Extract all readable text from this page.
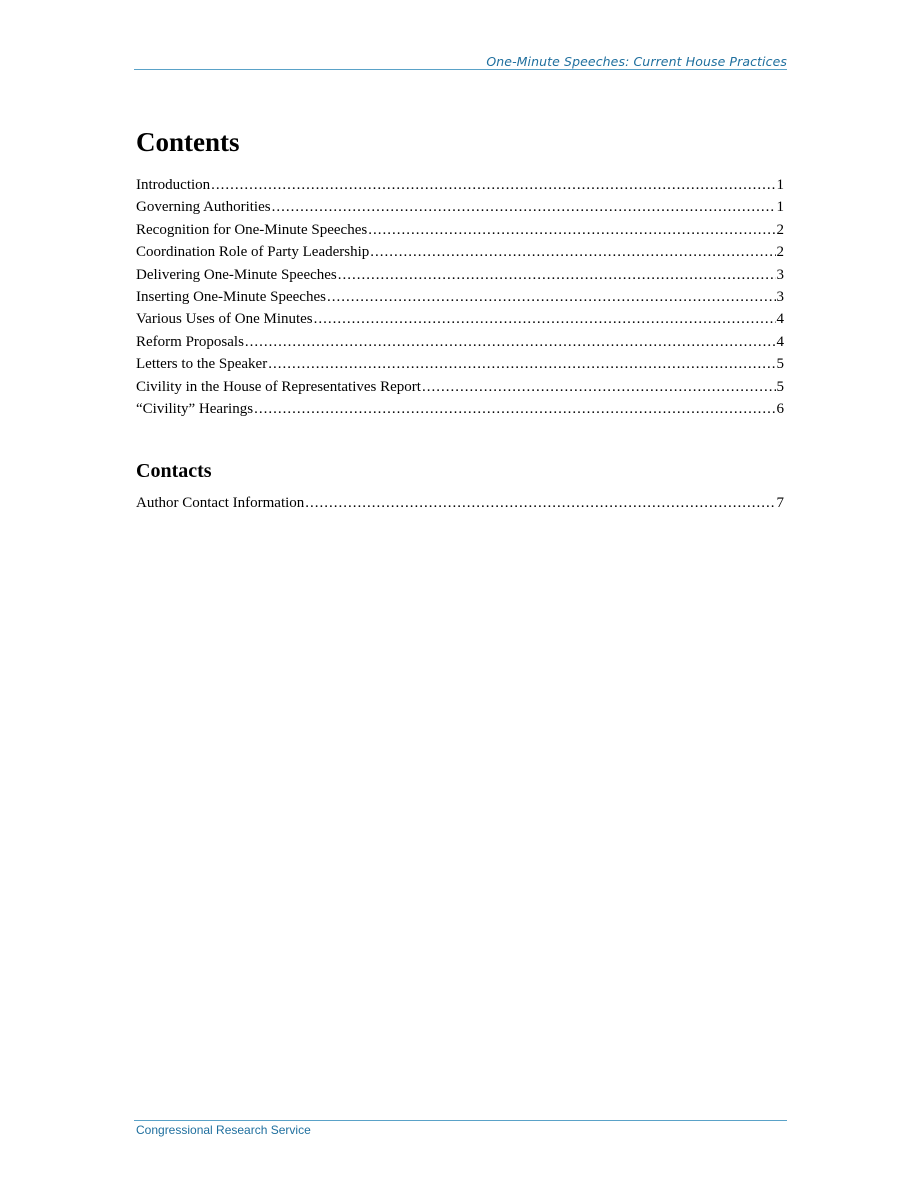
One-Minute Speeches: Current House Practices
Contents
Introduction .....	1
Governing Authorities .....	1
Recognition for One-Minute Speeches .....	2
Coordination Role of Party Leadership .....	2
Delivering One-Minute Speeches .....	3
Inserting One-Minute Speeches .....	3
Various Uses of One Minutes .....	4
Reform Proposals .....	4
Letters to the Speaker .....	5
Civility in the House of Representatives Report .....	5
“Civility” Hearings .....	6
Contacts
Author Contact Information .....	7
Congressional Research Service
